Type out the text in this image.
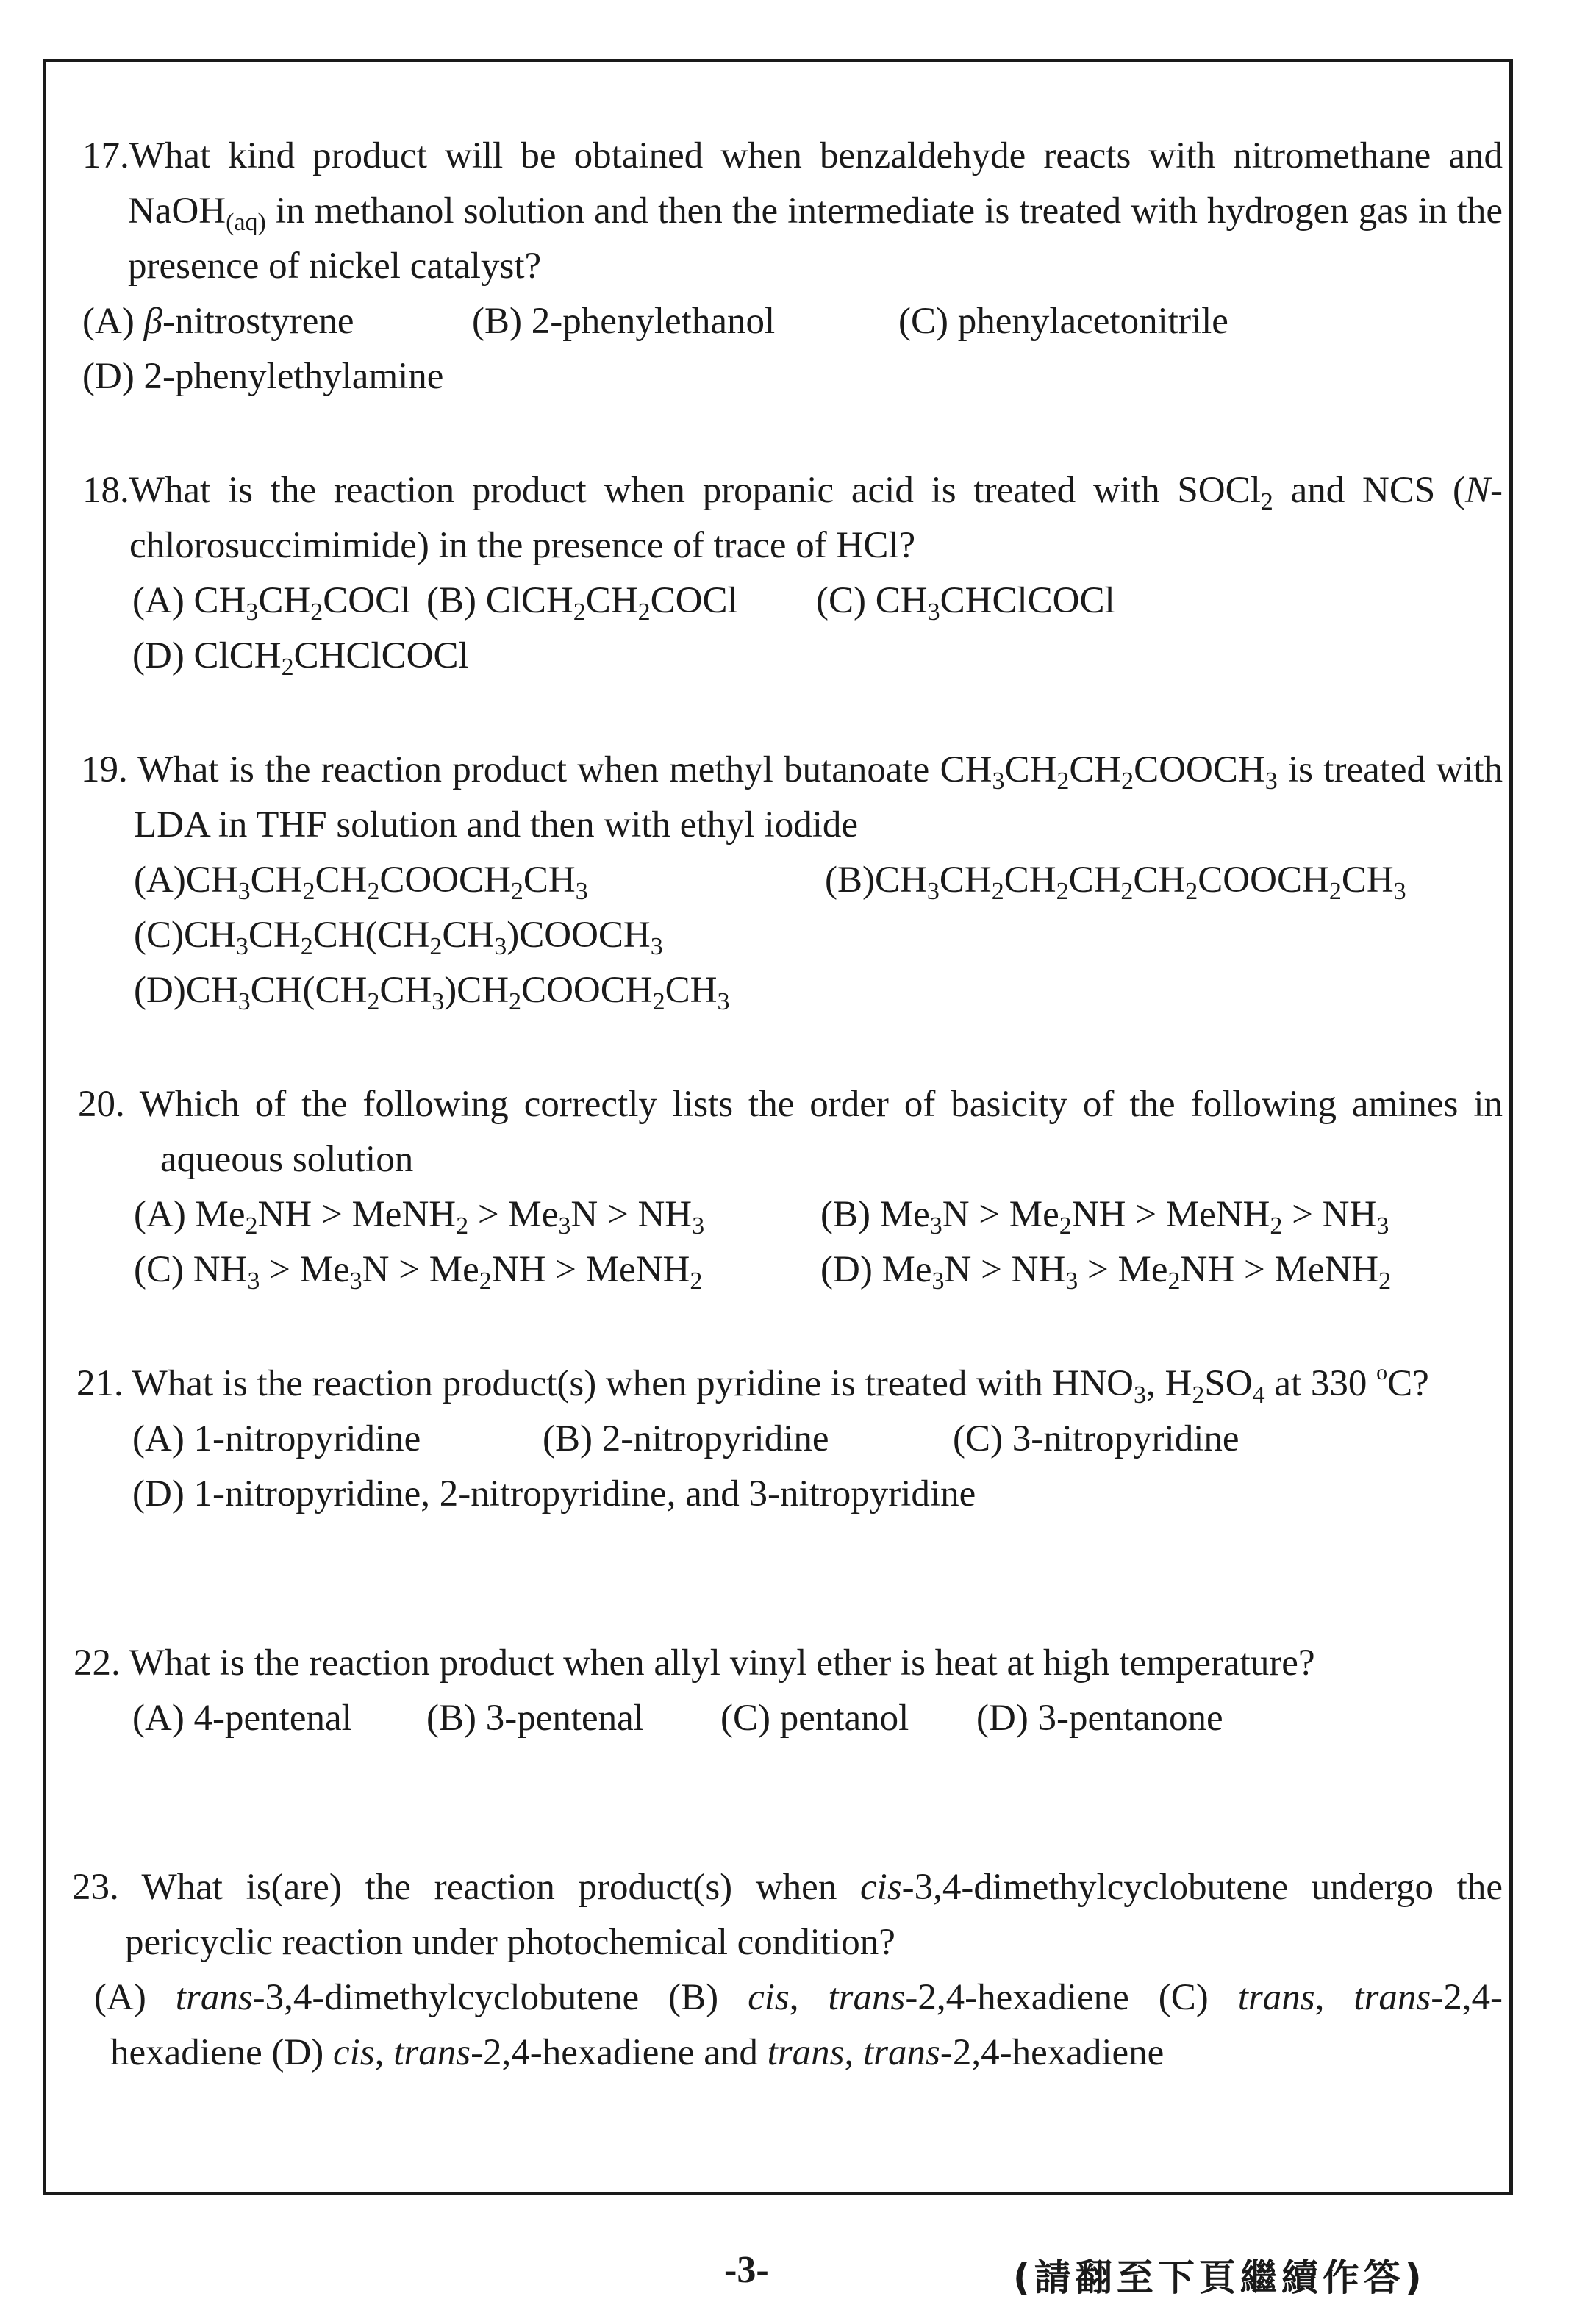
17.What kind product will be obtained when benzaldehyde reacts with nitromethane and NaOH$_{(aq)}$ in methanol solution and then the intermediate is treated with hydrogen gas in the presence of nickel catalyst?
(A) β-nitrostyrene	(B) 2-phenylethanol	(C) phenylacetonitrile
(D) 2-phenylethylamine
18.What is the reaction product when propanic acid is treated with SOCl$_2$ and NCS (N-chlorosuccimimide) in the presence of trace of HCl?
(A) $CH_3CH_2COCl$ (B) $ClCH_2CH_2COCl$	(C) $CH_3CHClCOCl$
(D) ClCH$_2$CHClCOCl
19. What is the reaction product when methyl butanoate $CH_3CH_2CH_2COOCH_3$ is treated with LDA in THF solution and then with ethyl iodide
$(A)CH_3CH_2CH_2COOCH_2CH_3$	$(B)CH_3CH_2CH_2CH_2CH_2COOCH_2CH_3$
$(C)CH_3CH_2CH(CH_2CH_3)COOCH_3$
$(D)CH_3CH(CH_2CH_3)CH_2COOCH_2CH_3$
20. Which of the following correctly lists the order of basicity of the following amines in aqueous solution
(A) $Me_2NH$ > MeNH$_2$ > $Me_3N > NH_3$	(B) $Me_3N > Me_2NH$ > MeNH$_2$ > $NH_3$
(C) $NH_3 > Me_3N > Me_2NH$ > MeNH$_2$	(D) $Me_3N > NH_3 > Me_2NH$ > MeNH$_2$
21. What is the reaction product(s) when pyridine is treated with $HNO_3$, $H_2SO_4$ at 330 $^o$C?
(A) 1-nitropyridine	(B) 2-nitropyridine	(C) 3-nitropyridine
(D) 1-nitropyridine, 2-nitropyridine, and 3-nitropyridine
22. What is the reaction product when allyl vinyl ether is heat at high temperature?
(A) 4-pentenal	(B) 3-pentenal	(C) pentanol	(D) 3-pentanone
23. What is(are) the reaction product(s) when cis-3,4-dimethylcyclobutene undergo the pericyclic reaction under photochemical condition?
(A) trans-3,4-dimethylcyclobutene (B) cis, trans-2,4-hexadiene (C) trans, trans-2,4-hexadiene (D) cis, trans-2,4-hexadiene and trans, trans-2,4-hexadiene
-3-	(請翻至下頁繼續作答)
